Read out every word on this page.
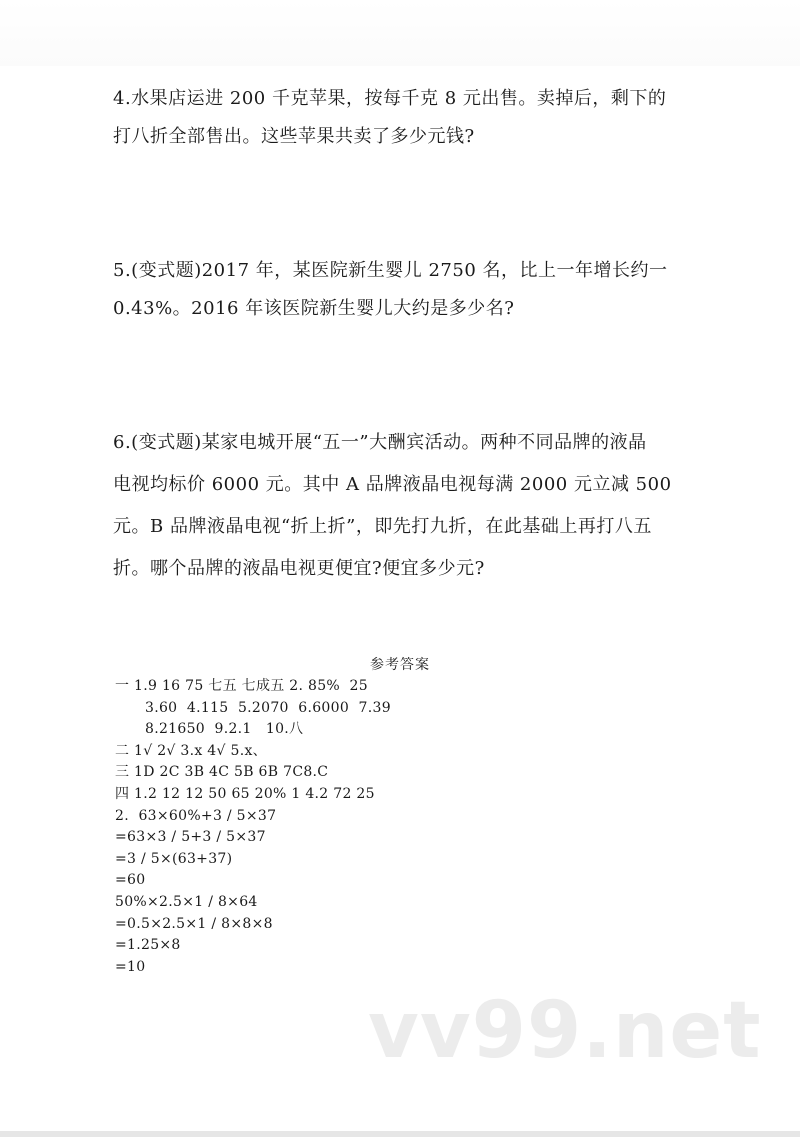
4.水果店运进 200 千克苹果，按每千克 8 元出售。卖掉后，剩下的
打八折全部售出。这些苹果共卖了多少元钱?
5.(变式题)2017 年，某医院新生婴儿 2750 名，比上一年增长约一
0.43%。2016 年该医院新生婴儿大约是多少名?
6.(变式题)某家电城开展“五一”大酬宾活动。两种不同品牌的液晶
电视均标价 6000 元。其中 A 品牌液晶电视每满 2000 元立减 500
元。B 品牌液晶电视“折上折”，即先打九折，在此基础上再打八五
折。哪个品牌的液晶电视更便宜?便宜多少元?
参考答案
一 1.9 16 75 七五 七成五 2. 85%  25
3.60  4.115  5.2070  6.6000  7.39
8.21650  9.2.1   10.八
二 1√ 2√ 3.x 4√ 5.x、
三 1D 2C 3B 4C 5B 6B 7C8.C
四 1.2 12 12 50 65 20% 1 4.2 72 25
2.  63×60%+3 / 5×37
=63×3 / 5+3 / 5×37
=3 / 5×(63+37)
=60
50%×2.5×1 / 8×64
=0.5×2.5×1 / 8×8×8
=1.25×8
=10
vv99.net
